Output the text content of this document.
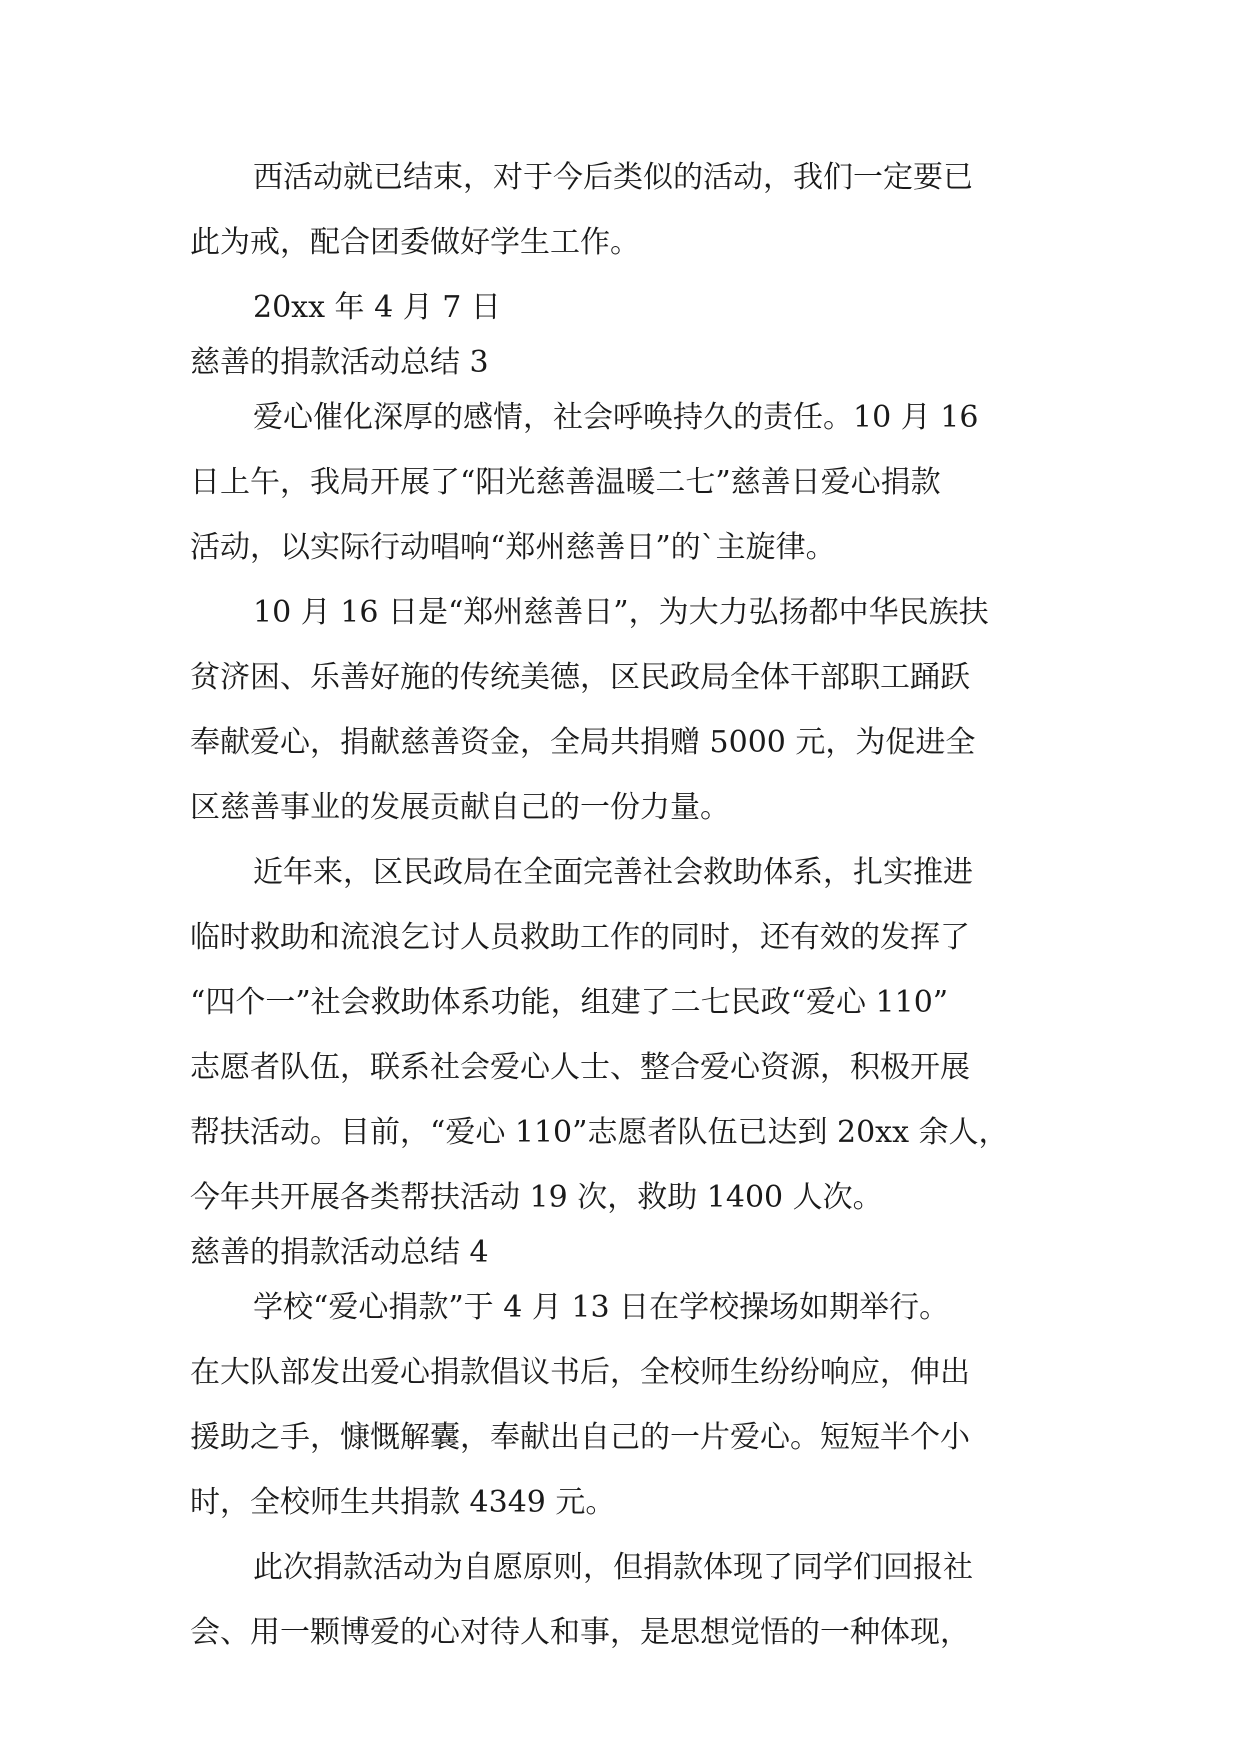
西活动就已结束，对于今后类似的活动，我们一定要已
此为戒，配合团委做好学生工作。
20xx 年 4 月 7 日
慈善的捐款活动总结 3
爱心催化深厚的感情，社会呼唤持久的责任。10 月 16
日上午，我局开展了“阳光慈善温暖二七”慈善日爱心捐款
活动，以实际行动唱响“郑州慈善日”的`主旋律。
10 月 16 日是“郑州慈善日”，为大力弘扬都中华民族扶
贫济困、乐善好施的传统美德，区民政局全体干部职工踊跃
奉献爱心，捐献慈善资金，全局共捐赠 5000 元，为促进全
区慈善事业的发展贡献自己的一份力量。
近年来，区民政局在全面完善社会救助体系，扎实推进
临时救助和流浪乞讨人员救助工作的同时，还有效的发挥了
“四个一”社会救助体系功能，组建了二七民政“爱心 110”
志愿者队伍，联系社会爱心人士、整合爱心资源，积极开展
帮扶活动。目前，“爱心 110”志愿者队伍已达到 20xx 余人，
今年共开展各类帮扶活动 19 次，救助 1400 人次。
慈善的捐款活动总结 4
学校“爱心捐款”于 4 月 13 日在学校操场如期举行。
在大队部发出爱心捐款倡议书后，全校师生纷纷响应，伸出
援助之手，慷慨解囊，奉献出自己的一片爱心。短短半个小
时，全校师生共捐款 4349 元。
此次捐款活动为自愿原则，但捐款体现了同学们回报社
会、用一颗博爱的心对待人和事，是思想觉悟的一种体现，
